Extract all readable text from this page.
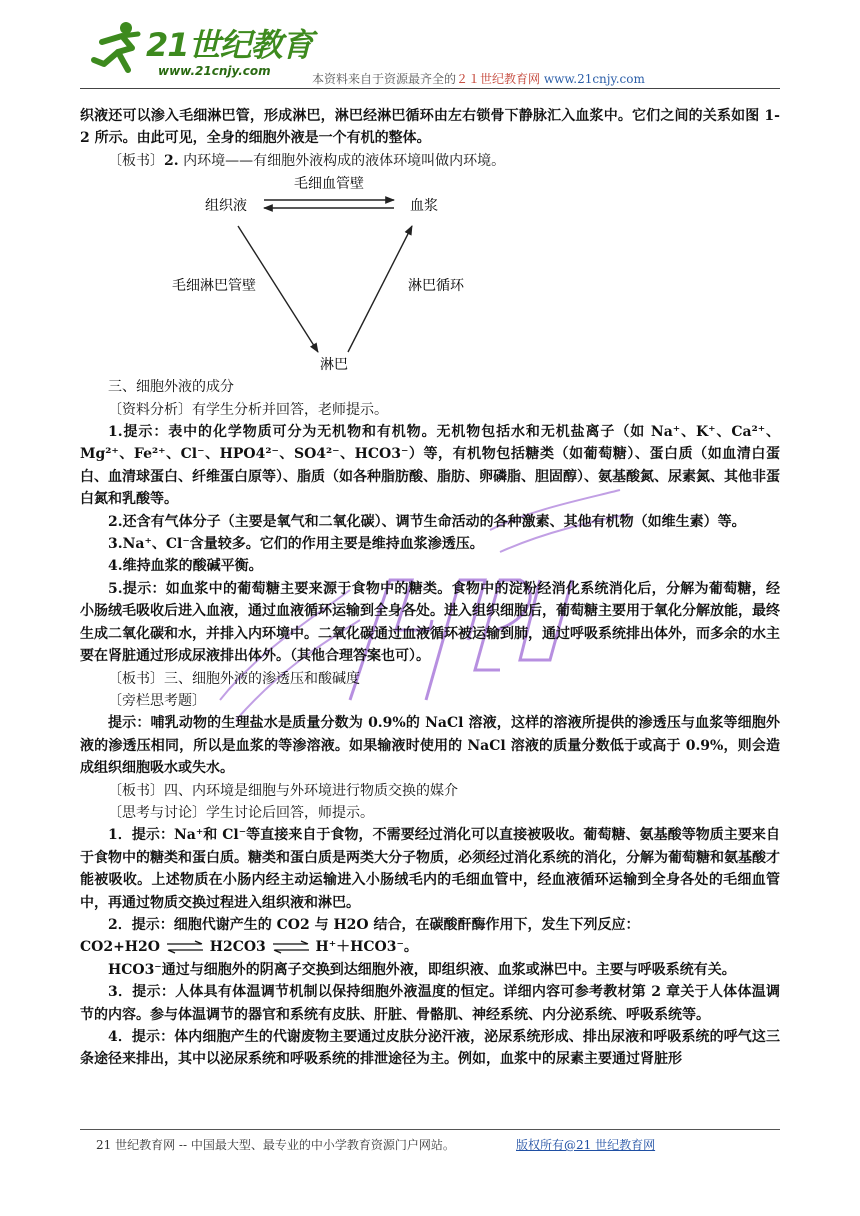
21世纪教育
www.21cnjy.com
本资料来自于资源最齐全的２１世纪教育网 www.21cnjy.com

织液还可以渗入毛细淋巴管，形成淋巴，淋巴经淋巴循环由左右锁骨下静脉汇入血浆中。它们之间的关系如图 1-2 所示。由此可见，全身的细胞外液是一个有机的整体。

〔板书〕2. 内环境——有细胞外液构成的液体环境叫做内环境。

毛细血管壁
组织液	血浆
淋巴
毛细淋巴管壁	淋巴循环

三、细胞外液的成分

〔资料分析〕有学生分析并回答，老师提示。

1.提示：表中的化学物质可分为无机物和有机物。无机物包括水和无机盐离子（如 Na⁺、K⁺、Ca²⁺、Mg²⁺、Fe²⁺、Cl⁻、HPO4²⁻、SO4²⁻、HCO3⁻）等，有机物包括糖类（如葡萄糖）、蛋白质（如血清白蛋白、血清球蛋白、纤维蛋白原等）、脂质（如各种脂肪酸、脂肪、卵磷脂、胆固醇）、氨基酸氮、尿素氮、其他非蛋白氮和乳酸等。

2.还含有气体分子（主要是氧气和二氧化碳）、调节生命活动的各种激素、其他有机物（如维生素）等。

3.Na⁺、Cl⁻含量较多。它们的作用主要是维持血浆渗透压。

4.维持血浆的酸碱平衡。

5.提示：如血浆中的葡萄糖主要来源于食物中的糖类。食物中的淀粉经消化系统消化后，分解为葡萄糖，经小肠绒毛吸收后进入血液，通过血液循环运输到全身各处。进入组织细胞后，葡萄糖主要用于氧化分解放能，最终生成二氧化碳和水，并排入内环境中。二氧化碳通过血液循环被运输到肺，通过呼吸系统排出体外，而多余的水主要在肾脏通过形成尿液排出体外。（其他合理答案也可）。

〔板书〕三、细胞外液的渗透压和酸碱度

〔旁栏思考题〕

提示：哺乳动物的生理盐水是质量分数为 0.9%的 NaCl 溶液，这样的溶液所提供的渗透压与血浆等细胞外液的渗透压相同，所以是血浆的等渗溶液。如果输液时使用的 NaCl 溶液的质量分数低于或高于 0.9%，则会造成组织细胞吸水或失水。

〔板书〕四、内环境是细胞与外环境进行物质交换的媒介

〔思考与讨论〕学生讨论后回答，师提示。

1．提示：Na⁺和 Cl⁻等直接来自于食物，不需要经过消化可以直接被吸收。葡萄糖、氨基酸等物质主要来自于食物中的糖类和蛋白质。糖类和蛋白质是两类大分子物质，必须经过消化系统的消化，分解为葡萄糖和氨基酸才能被吸收。上述物质在小肠内经主动运输进入小肠绒毛内的毛细血管中，经血液循环运输到全身各处的毛细血管中，再通过物质交换过程进入组织液和淋巴。

2．提示：细胞代谢产生的 CO2 与 H2O 结合，在碳酸酐酶作用下，发生下列反应：

CO2+H2O ⇌ H2CO3 ⇌ H⁺＋HCO3⁻。

HCO3⁻通过与细胞外的阴离子交换到达细胞外液，即组织液、血浆或淋巴中。主要与呼吸系统有关。

3．提示：人体具有体温调节机制以保持细胞外液温度的恒定。详细内容可参考教材第 2 章关于人体体温调节的内容。参与体温调节的器官和系统有皮肤、肝脏、骨骼肌、神经系统、内分泌系统、呼吸系统等。

4．提示：体内细胞产生的代谢废物主要通过皮肤分泌汗液，泌尿系统形成、排出尿液和呼吸系统的呼气这三条途径来排出，其中以泌尿系统和呼吸系统的排泄途径为主。例如，血浆中的尿素主要通过肾脏形

21 世纪教育网 -- 中国最大型、最专业的中小学教育资源门户网站。	版权所有@21 世纪教育网
